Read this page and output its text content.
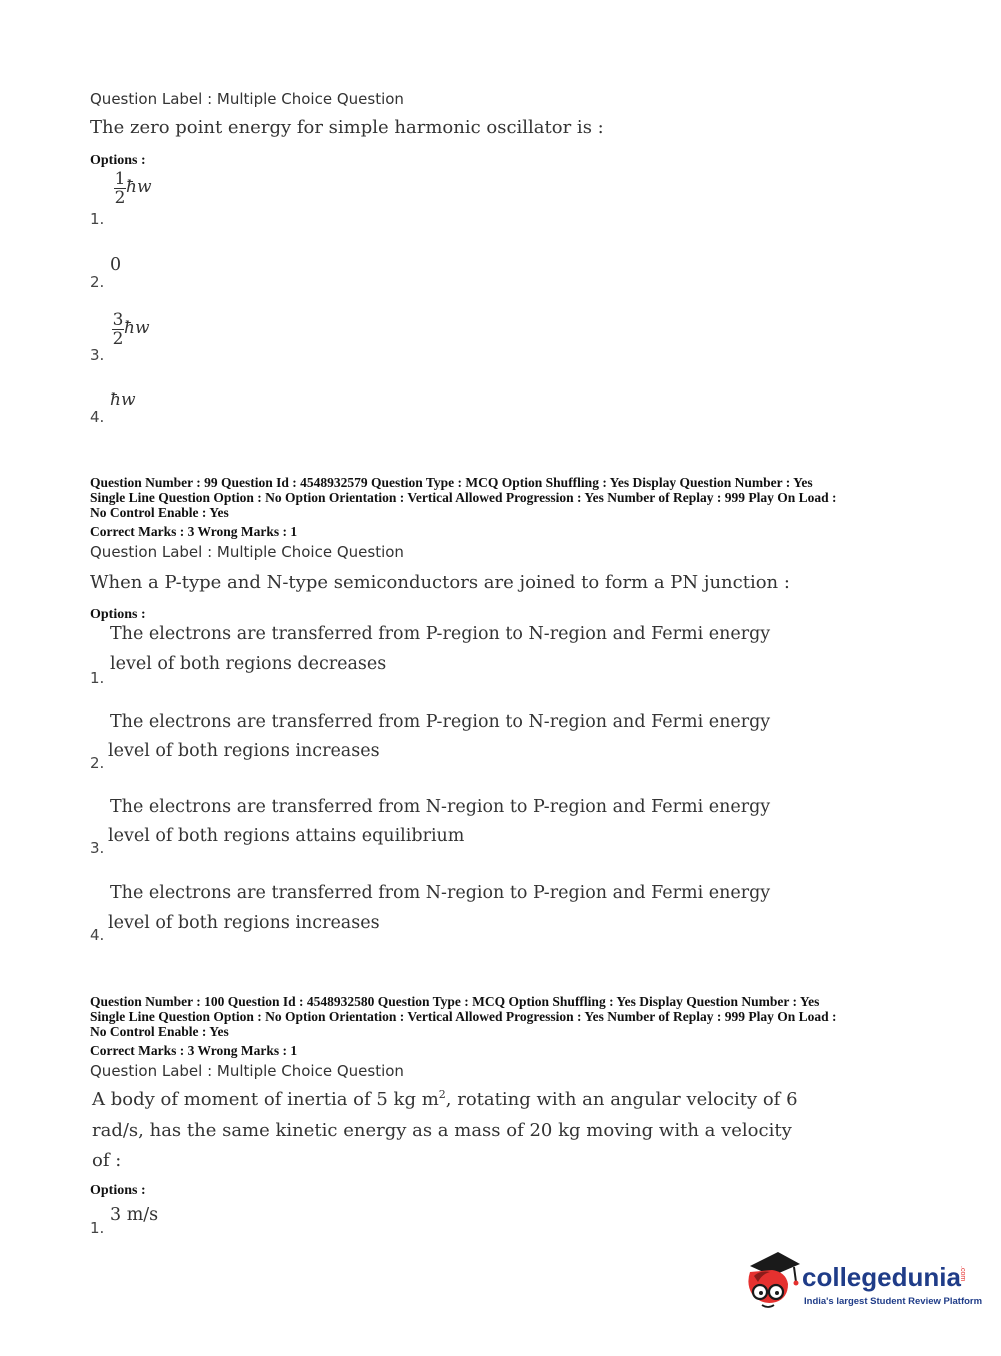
Question Label : Multiple Choice Question
The zero point energy for simple harmonic oscillator is :
Options :
1.
$\frac{1}{2}$ ħw
2.
0
3.
$\frac{3}{2}$ ħw
4.
ħw
Question Number : 99 Question Id : 4548932579 Question Type : MCQ Option Shuffling : Yes Display Question Number : Yes
Single Line Question Option : No Option Orientation : Vertical Allowed Progression : Yes Number of Replay : 999 Play On Load :
No Control Enable : Yes
Correct Marks : 3 Wrong Marks : 1
Question Label : Multiple Choice Question
When a P-type and N-type semiconductors are joined to form a PN junction :
Options :
The electrons are transferred from P-region to N-region and Fermi energy
1.
level of both regions decreases
The electrons are transferred from P-region to N-region and Fermi energy
2.
level of both regions increases
The electrons are transferred from N-region to P-region and Fermi energy
3.
level of both regions attains equilibrium
The electrons are transferred from N-region to P-region and Fermi energy
4.
level of both regions increases
Question Number : 100 Question Id : 4548932580 Question Type : MCQ Option Shuffling : Yes Display Question Number : Yes
Single Line Question Option : No Option Orientation : Vertical Allowed Progression : Yes Number of Replay : 999 Play On Load :
No Control Enable : Yes
Correct Marks : 3 Wrong Marks : 1
Question Label : Multiple Choice Question
A body of moment of inertia of 5 kg $m^2$, rotating with an angular velocity of 6
rad/s, has the same kinetic energy as a mass of 20 kg moving with a velocity
of :
Options :
1.
3 m/s
collegedunia
.com
India's largest Student Review Platform
